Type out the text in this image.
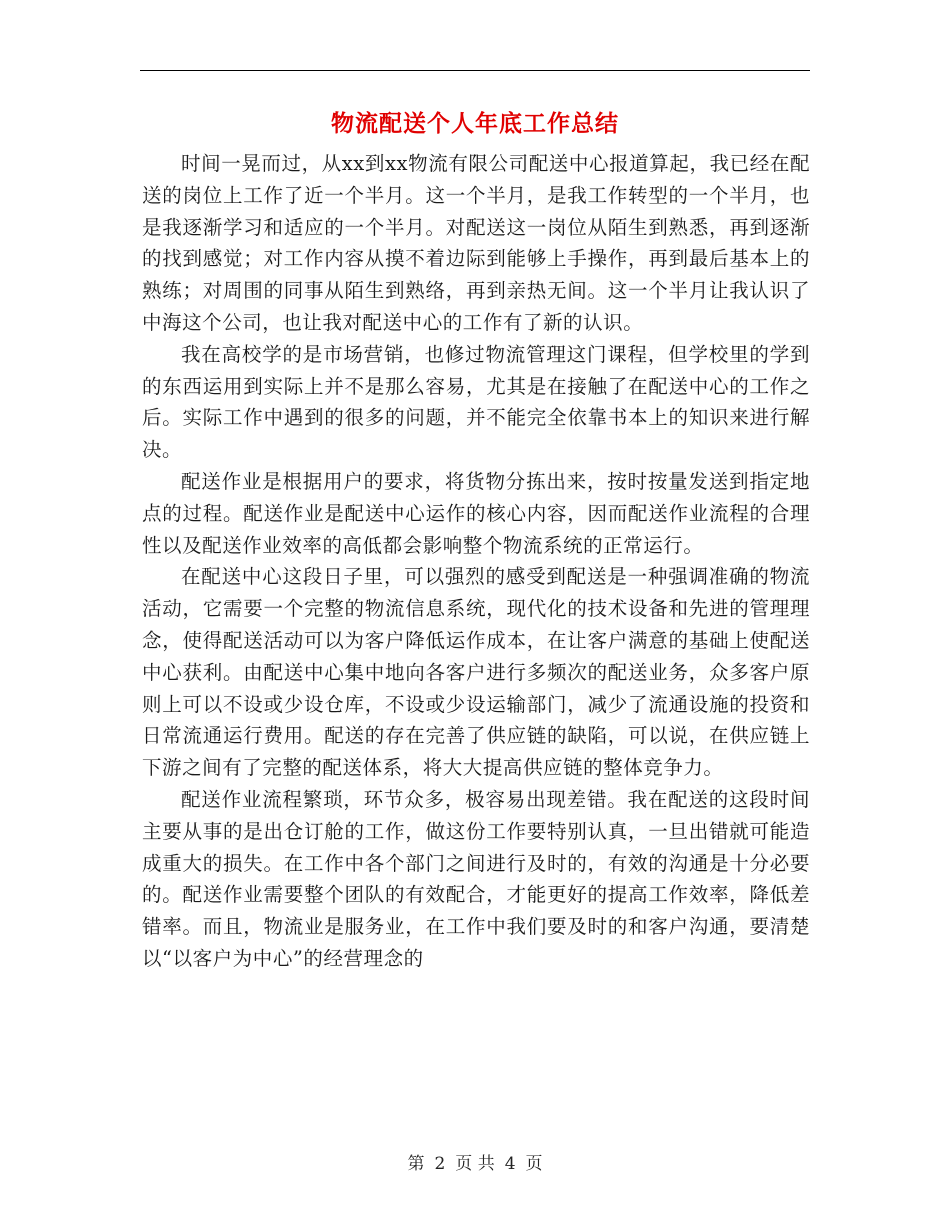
物流配送个人年底工作总结

时间一晃而过，从xx到xx物流有限公司配送中心报道算起，我已经在配送的岗位上工作了近一个半月。这一个半月，是我工作转型的一个半月，也是我逐渐学习和适应的一个半月。对配送这一岗位从陌生到熟悉，再到逐渐的找到感觉；对工作内容从摸不着边际到能够上手操作，再到最后基本上的熟练；对周围的同事从陌生到熟络，再到亲热无间。这一个半月让我认识了中海这个公司，也让我对配送中心的工作有了新的认识。

我在高校学的是市场营销，也修过物流管理这门课程，但学校里的学到的东西运用到实际上并不是那么容易，尤其是在接触了在配送中心的工作之后。实际工作中遇到的很多的问题，并不能完全依靠书本上的知识来进行解决。

配送作业是根据用户的要求，将货物分拣出来，按时按量发送到指定地点的过程。配送作业是配送中心运作的核心内容，因而配送作业流程的合理性以及配送作业效率的高低都会影响整个物流系统的正常运行。

在配送中心这段日子里，可以强烈的感受到配送是一种强调准确的物流活动，它需要一个完整的物流信息系统，现代化的技术设备和先进的管理理念，使得配送活动可以为客户降低运作成本，在让客户满意的基础上使配送中心获利。由配送中心集中地向各客户进行多频次的配送业务，众多客户原则上可以不设或少设仓库，不设或少设运输部门，减少了流通设施的投资和日常流通运行费用。配送的存在完善了供应链的缺陷，可以说，在供应链上下游之间有了完整的配送体系，将大大提高供应链的整体竞争力。

配送作业流程繁琐，环节众多，极容易出现差错。我在配送的这段时间主要从事的是出仓订舱的工作，做这份工作要特别认真，一旦出错就可能造成重大的损失。在工作中各个部门之间进行及时的，有效的沟通是十分必要的。配送作业需要整个团队的有效配合，才能更好的提高工作效率，降低差错率。而且，物流业是服务业，在工作中我们要及时的和客户沟通，要清楚以“以客户为中心”的经营理念的

第 2 页 共 4 页
